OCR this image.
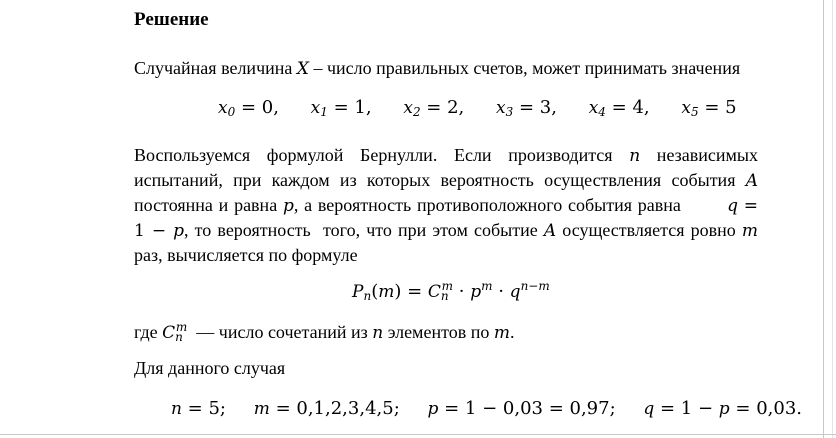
Решение
Случайная величина X – число правильных счетов, может принимать значения
$x_0 = 0$, $x_1 = 1$, $x_2 = 2$, $x_3 = 3$, $x_4 = 4$, $x_5 = 5$
Воспользуемся формулой Бернулли. Если производится n независимых
испытаний, при каждом из которых вероятность осуществления события A
постоянна и равна p, а вероятность противоположного события равна        q =
1 − p, то вероятность  того, что при этом событие A осуществляется ровно m
раз, вычисляется по формуле
$P_n(m) = C_n^m \cdot p^m \cdot q^{n-m}$
где $C_n^m$  — число сочетаний из n элементов по m.
Для данного случая
n = 5; m = 0,1,2,3,4,5; p = 1 − 0,03 = 0,97; q = 1 − p = 0,03.
